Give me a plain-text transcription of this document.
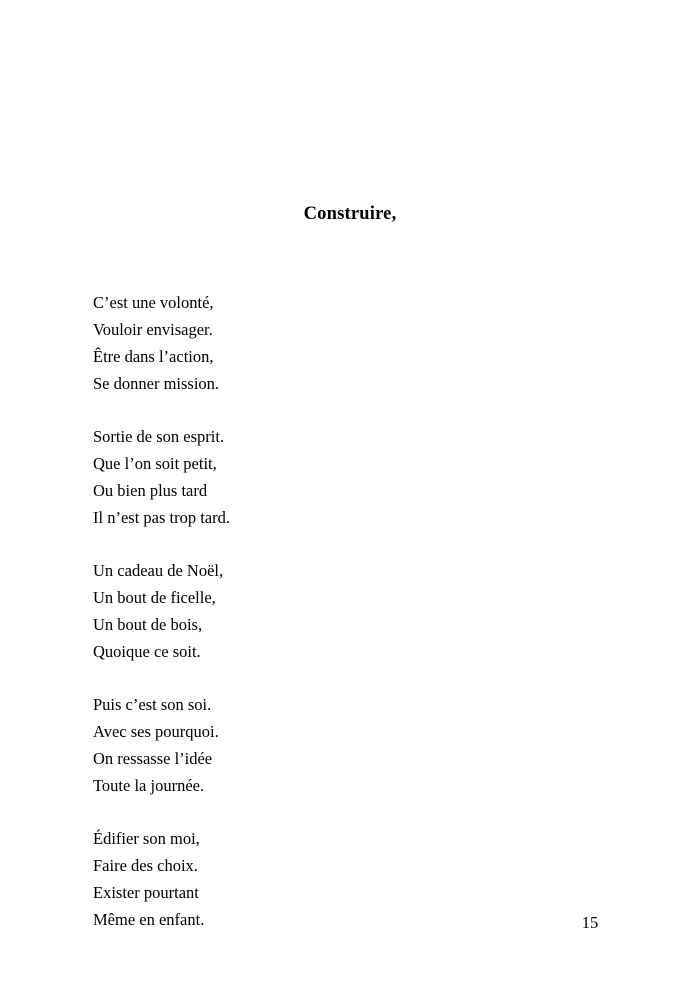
Construire,
C’est une volonté,
Vouloir envisager.
Être dans l’action,
Se donner mission.
Sortie de son esprit.
Que l’on soit petit,
Ou bien plus tard
Il n’est pas trop tard.
Un cadeau de Noël,
Un bout de ficelle,
Un bout de bois,
Quoique ce soit.
Puis c’est son soi.
Avec ses pourquoi.
On ressasse l’idée
Toute la journée.
Édifier son moi,
Faire des choix.
Exister pourtant
Même en enfant.	15
